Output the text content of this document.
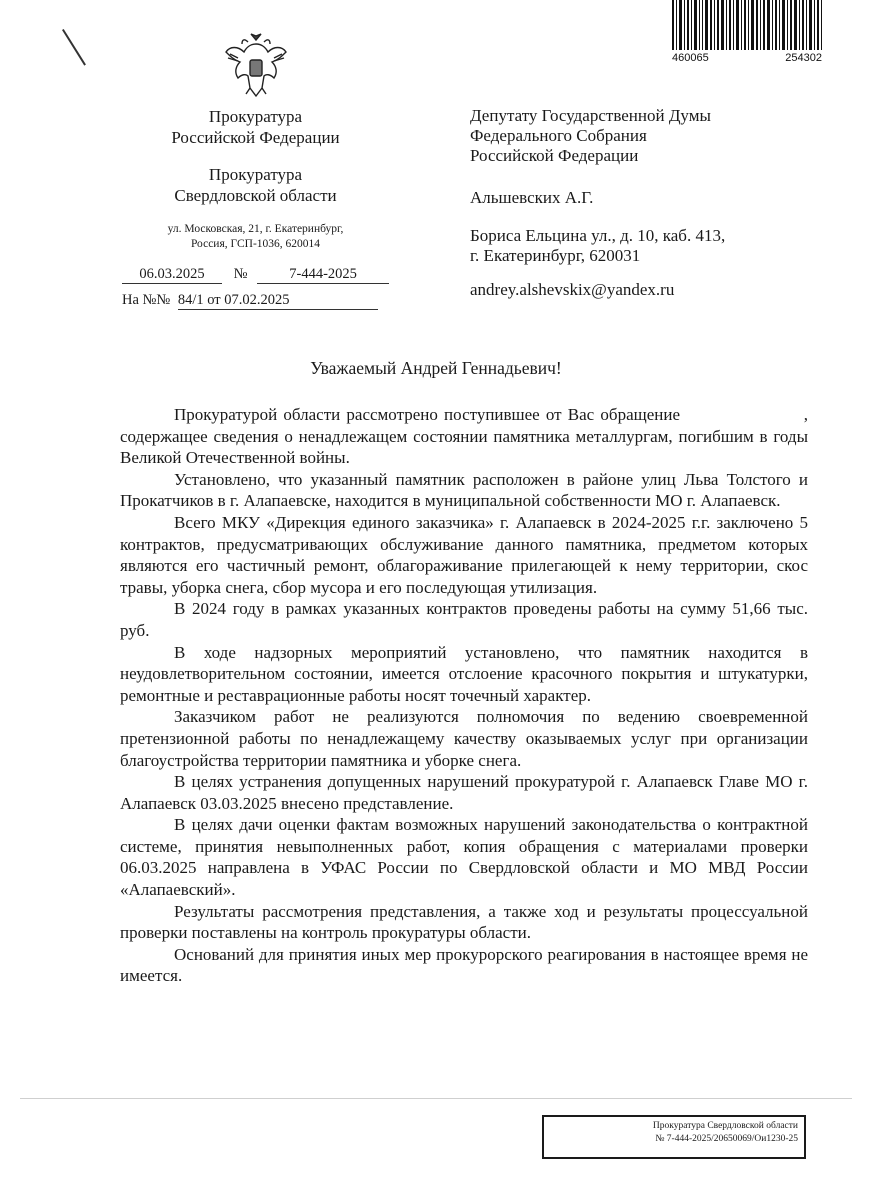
460065	254302
Прокуратура
Российской Федерации
Прокуратура
Свердловской области
ул. Московская, 21, г. Екатеринбург,
Россия, ГСП-1036, 620014
06.03.2025 №	7-444-2025
На №№ 84/1 от 07.02.2025

Депутату Государственной Думы

Федерального Собрания

Российской Федерации

Альшевских А.Г.

Бориса Ельцина ул., д. 10, каб. 413,

г. Екатеринбург, 620031

andrey.alshevskix@yandex.ru

Уважаемый Андрей Геннадьевич!

Прокуратурой области рассмотрено поступившее от Вас обращение                    , содержащее сведения о ненадлежащем состоянии памятника металлургам, погибшим в годы Великой Отечественной войны.

Установлено, что указанный памятник расположен в районе улиц Льва Толстого и Прокатчиков в г. Алапаевске, находится в муниципальной собственности МО г. Алапаевск.

Всего МКУ «Дирекция единого заказчика» г. Алапаевск в 2024-2025 г.г. заключено 5 контрактов, предусматривающих обслуживание данного памятника, предметом которых являются его частичный ремонт, облагораживание прилегающей к нему территории, скос травы, уборка снега, сбор мусора и его последующая утилизация.

В 2024 году в рамках указанных контрактов проведены работы на сумму 51,66 тыс. руб.

В ходе надзорных мероприятий установлено, что памятник находится в неудовлетворительном состоянии, имеется отслоение красочного покрытия и штукатурки, ремонтные и реставрационные работы носят точечный характер.

Заказчиком работ не реализуются полномочия по ведению своевременной претензионной работы по ненадлежащему качеству оказываемых услуг при организации благоустройства территории памятника и уборке снега.

В целях устранения допущенных нарушений прокуратурой г. Алапаевск Главе МО г. Алапаевск 03.03.2025 внесено представление.

В целях дачи оценки фактам возможных нарушений законодательства о контрактной системе, принятия невыполненных работ, копия обращения с материалами проверки 06.03.2025 направлена в УФАС России по Свердловской области и МО МВД России «Алапаевский».

Результаты рассмотрения представления, а также ход и результаты процессуальной проверки поставлены на контроль прокуратуры области.

Оснований для принятия иных мер прокурорского реагирования в настоящее время не имеется.

Прокуратура Свердловской области
№ 7-444-2025/20650069/Ои1230-25
